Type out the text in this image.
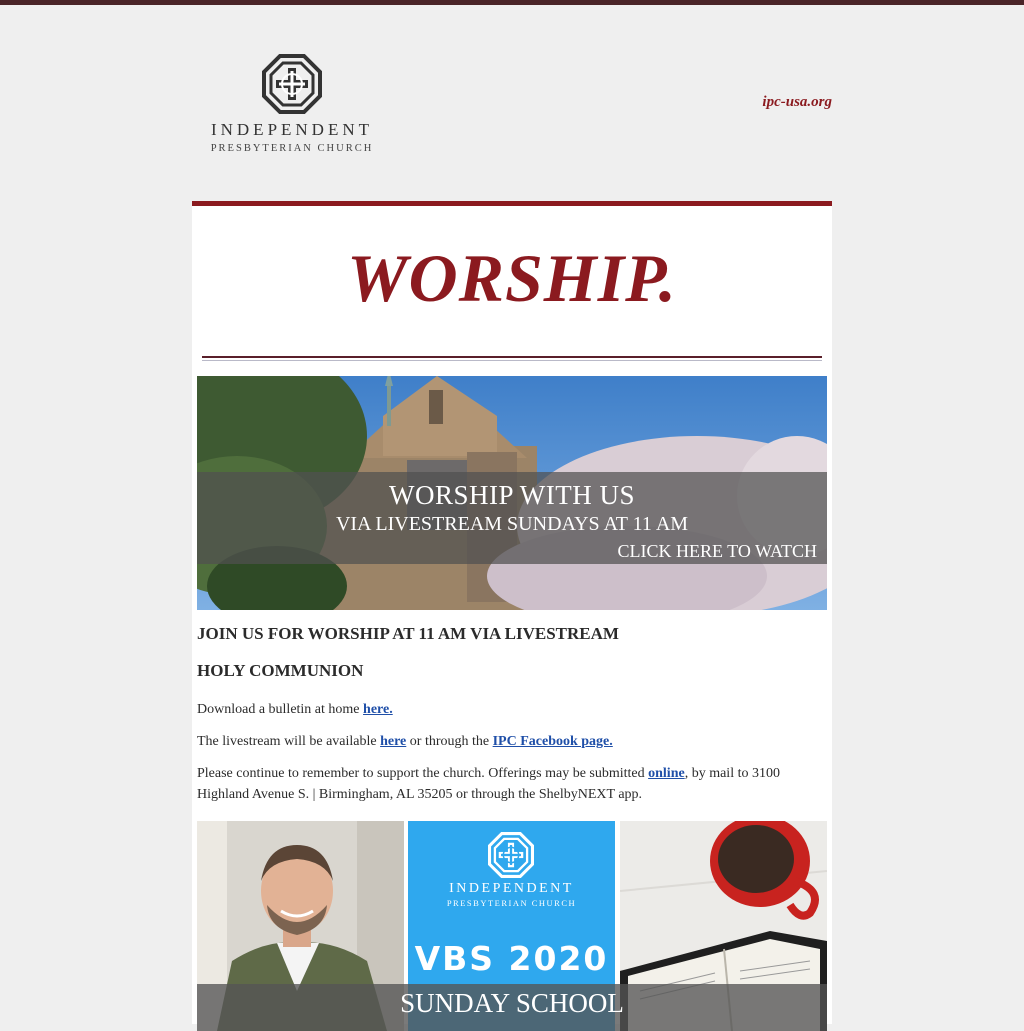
INDEPENDENT
PRESBYTERIAN CHURCH
ipc-usa.org
WORSHIP.
WORSHIP WITH US
VIA LIVESTREAM SUNDAYS AT 11 AM
CLICK HERE TO WATCH
JOIN US FOR WORSHIP AT 11 AM VIA LIVESTREAM
HOLY COMMUNION

Download a bulletin at home here.

The livestream will be available here or through the IPC Facebook page.

Please continue to remember to support the church. Offerings may be submitted online, by mail to 3100 Highland Avenue S. | Birmingham, AL 35205 or through the ShelbyNEXT app.

INDEPENDENT
PRESBYTERIAN CHURCH
VBS 2020
SUNDAY SCHOOL
